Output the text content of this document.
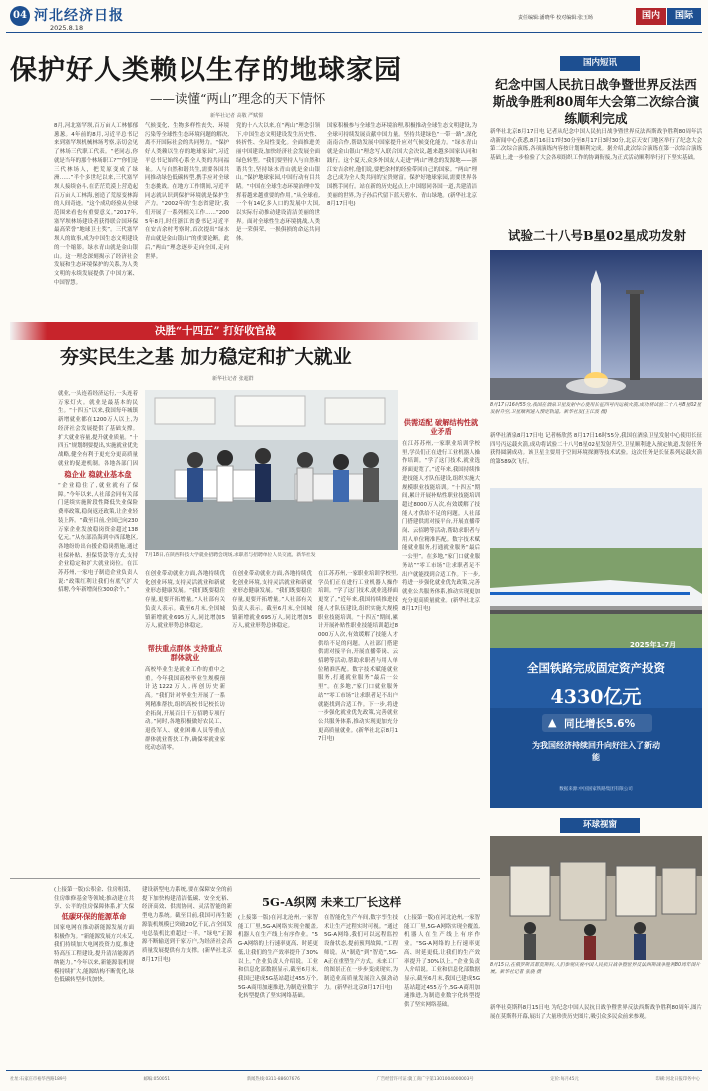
04 河北经济日报
2025.8.18
责任编辑:潘晓华 校对编辑:张玉旸	国内	国际
保护好人类赖以生存的地球家园
——读懂“两山”理念的天下情怀
新华社记者 高敬 严赋憬
8月,河北塞罕坝,百万亩人工林郁郁葱葱。4年前的8月,习近平总书记来到塞罕坝机械林场考察,亲切会见了林场三代职工代表。“老同志,你就是当年的那个林场职工?”“你们是三代林场人，把荒原变成了绿洲……”半个多世纪以来,三代塞罕坝人接续奋斗,在茫茫荒漠上营造起百万亩人工林海,创造了荒原变林海的人间奇迹。“这个成功经验从全球范围来看也有重要意义。”2017年,塞罕坝林场建设者获得联合国环保最高荣誉“地球卫士奖”。三代塞罕坝人的故事,成为中国生态文明建设的一个缩影。绿水青山就是金山银山。这一理念深刻揭示了经济社会发展和生态环境保护的关系,为人类文明的永续发展提供了中国方案、中国智慧。
气候变化、生物多样性丧失、环境污染等全球性生态环境问题的解决,离不开国际社会的共同努力。“保护好人类赖以生存的地球家园”,习近平总书记始终心系全人类的共同福祉。人与自然和谐共生,需要各国共同推动绿色低碳转型,携手应对全球生态挑战。在地方工作期间,习近平同志就认识到保护环境就是保护生产力。“2002年的‘生态省建设’,我们开展了一系列相关工作……”2005年8月,时任浙江省委书记习近平在安吉余村考察时,首次提出“绿水青山就是金山银山”的重要论断。此后,“两山”理念逐步走向全国,走向世界。
党的十八大以来,在“两山”理念引领下,中国生态文明建设发生历史性、转折性、全局性变化。全面推进美丽中国建设,加快经济社会发展全面绿色转型。“我们要坚持人与自然和谐共生,坚持绿水青山就是金山银山。”保护地球家园,中国行动有目共睹。“中国在全球生态环境治理中发挥着越来越重要的作用。”从全球看,一个有14亿多人口的发展中大国,以实际行动推动建设清洁美丽的世界。面对全球性生态环境挑战,人类是一荣俱荣、一损俱损的命运共同体。
国家积极参与全球生态环境治理,积极推动全球生态文明建设,为全球可持续发展贡献中国力量。坚持共建绿色“一带一路”,深化南南合作,帮助发展中国家提升应对气候变化能力。“绿水青山就是金山银山”理念写入联合国大会决议,越来越多国家认同和践行。这个夏天,众多外国友人走进“两山”理念的发源地——浙江安吉余村,他们说,要把余村的经验带回自己的国家。“两山”理念已成为全人类共同的宝贵财富。保护好地球家园,需要世界各国携手同行。站在新的历史起点上,中国愿同各国一道,共建清洁美丽的世界,为子孙后代留下蓝天碧水、青山绿地。(新华社北京8月17日电)
决胜“十四五” 打好收官战
夯实民生之基 加力稳定和扩大就业
新华社记者 张超群
就业,一头连着经济运行,一头连着万家灯火。就业是最基本的民生。“十四五”以来,我国每年城镇新增就业都在1200万人以上,为经济社会发展提供了基础支撑。扩大就业容量,提升就业质量。“十四五”规划纲要提出,实施就业优先战略,健全有利于更充分更高质量就业的促进机制。各地各部门因
稳企业 稳就业基本盘
“企业稳住了,就业就有了保障。”今年以来,人社部会同有关部门延续实施阶段性降低失业保险费率政策,稳岗返还政策,让企业轻装上阵。“截至目前,全国已向230万家企业发放稳岗资金超过138亿元。”从东部沿海到中西部地区,各地纷纷出台援企稳岗措施,通过社保补贴、担保贷款等方式,支持企业稳定和扩大就业岗位。在江苏苏州,一家电子制造企业负责人说:“政策红利让我们有底气扩大招聘,今年新增岗位300余个。”
7月18日,在陕西科技大学就业招聘会现场,求职者与招聘单位人员交流。新华社发
在创业带动就业方面,各地持续优化创业环境,支持灵活就业和新就业形态健康发展。“我们既要稳住存量,更要开拓增量。”人社部有关负责人表示。截至6月末,全国城镇新增就业695万人,同比增加5万人,就业形势总体稳定。
帮扶重点群体 支持重点群体就业
高校毕业生是就业工作的重中之重。今年我国高校毕业生规模预计达1222万人,再创历史新高。“我们针对毕业生开展了一系列精准帮扶,组织高校书记校长访企拓岗,开展百日千万招聘专项行动。”同时,各地积极做好农民工、退役军人、就业困难人员等重点群体就业帮扶工作,确保零就业家庭动态清零。
在创业带动就业方面,各地持续优化创业环境,支持灵活就业和新就业形态健康发展。“我们既要稳住存量,更要开拓增量。”人社部有关负责人表示。截至6月末,全国城镇新增就业695万人,同比增加5万人,就业形势总体稳定。
供需适配 破解结构性就业矛盾
在江苏苏州,一家职业培训学校里,学员们正在进行工业机器人操作培训。“学了这门技术,就业选择面更宽了。”近年来,我国持续推进技能人才队伍建设,组织实施大规模职业技能培训。“十四五”期间,累计开展补贴性职业技能培训超过8000万人次,有效缓解了技能人才供给不足的问题。人社部门搭建供需对接平台,开展直播带岗、云招聘等活动,帮助求职者与用人单位精准匹配。数字技术赋能就业服务,打通就业服务“最后一公里”。在多地,“家门口就业服务站”“零工市场”让求职者足不出户就能找到合适工作。下一步,将进一步强化就业优先政策,完善就业公共服务体系,推动实现更加充分更高质量就业。(新华社北京8月17日电)
在江苏苏州,一家职业培训学校里,学员们正在进行工业机器人操作培训。“学了这门技术,就业选择面更宽了。”近年来,我国持续推进技能人才队伍建设,组织实施大规模职业技能培训。“十四五”期间,累计开展补贴性职业技能培训超过8000万人次,有效缓解了技能人才供给不足的问题。人社部门搭建供需对接平台,开展直播带岗、云招聘等活动,帮助求职者与用人单位精准匹配。数字技术赋能就业服务,打通就业服务“最后一公里”。在多地,“家门口就业服务站”“零工市场”让求职者足不出户就能找到合适工作。下一步,将进一步强化就业优先政策,完善就业公共服务体系,推动实现更加充分更高质量就业。(新华社北京8月17日电)
国内短讯
纪念中国人民抗日战争暨世界反法西斯战争胜利80周年大会第二次综合演练顺利完成
新华社北京8月17日电 记者从纪念中国人民抗日战争暨世界反法西斯战争胜利80周年活动新闻中心获悉,8月16日17时30分至8月17日3时30分,北京天安门地区举行了纪念大会第二次综合演练,各项演练内容按计划顺利完成。据介绍,此次综合演练在第一次综合演练基础上,进一步检验了大会各项组织工作的协调衔接,为正式活动顺利举行打下坚实基础。
试验二十八号B星02星成功发射
8月17日16时55分,我国在酒泉卫星发射中心使用长征四号丙运载火箭,成功将试验二十八号B星02星发射升空,卫星顺利进入预定轨道。新华社发(王江波 摄)
新华社酒泉8月17日电 记者杨欣然 8月17日16时55分,我国在酒泉卫星发射中心使用长征四号丙运载火箭,成功将试验二十八号B星02星发射升空,卫星顺利进入预定轨道,发射任务获得圆满成功。该卫星主要用于空间环境探测等技术试验。这次任务是长征系列运载火箭的第589次飞行。
2025年1-7月
全国铁路完成固定资产投资
4330亿元
▲ 同比增长5.6%
为我国经济持续回升向好注入了新动能
数据来源:中国国家铁路集团有限公司
(上接第一版)公积金、住房租赁、住房维修基金等领域;推动建立共享、公平的住房保障体系,扩大保
低碳环保的能源革命
国家电网在推动新能源发展方面积极作为。“新能源发展方兴未艾,我们持续加大电网投资力度,推进特高压工程建设,提升清洁能源消纳能力。”今年以来,新能源装机规模持续扩大,能源结构不断优化,绿色低碳转型步伐加快。
建设新型电力系统,要在保障安全的前提下加快构建清洁低碳、安全充裕、经济高效、供需协同、灵活智能的新型电力系统。截至目前,我国可再生能源装机规模已突破20亿千瓦,占全国发电总装机比重超过一半。“绿电”正源源不断输送到千家万户,为经济社会高质量发展提供有力支撑。(新华社北京8月17日电)
5G-A织网 未来工厂长这样
(上接第一版)在河北沧州,一家智能工厂里,5G-A网络实现全覆盖,机器人在生产线上有序作业。“5G-A网络的上行速率更高、时延更低,让我们的生产效率提升了30%以上。”企业负责人介绍说。工业和信息化部数据显示,截至6月末,我国已建成5G基站超过455万个,5G-A商用加速推进,为制造业数字化转型提供了坚实网络基础。
在智能化生产车间,数字孪生技术让生产过程实时可视。“通过5G-A网络,我们可以远程监控设备状态,提前预判故障。”工程师说。从“制造”到“智造”,5G-A正在重塑生产方式。未来工厂的图景正在一步步变成现实,为制造业高质量发展注入强劲动力。(新华社北京8月17日电)
(上接第一版)在河北沧州,一家智能工厂里,5G-A网络实现全覆盖,机器人在生产线上有序作业。“5G-A网络的上行速率更高、时延更低,让我们的生产效率提升了30%以上。”企业负责人介绍说。工业和信息化部数据显示,截至6月末,我国已建成5G基站超过455万个,5G-A商用加速推进,为制造业数字化转型提供了坚实网络基础。
环球视窗
8月15日,在俄罗斯首都莫斯科,人们参观庆祝中国人民抗日战争暨世界反法西斯战争胜利80周年图片展。新华社记者 张骁 摄
新华社莫斯科8月15日电 为纪念中国人民抗日战争暨世界反法西斯战争胜利80周年,图片展在莫斯科开幕,展出了大量珍贵历史图片,吸引众多民众前来参观。
社址:石家庄市裕华西路189号	邮编:050051	新闻热线:0311-88607676	广告经营许可证:冀工商广字第1301004000003号	定价:每月45元	印刷:河北日报印务中心
